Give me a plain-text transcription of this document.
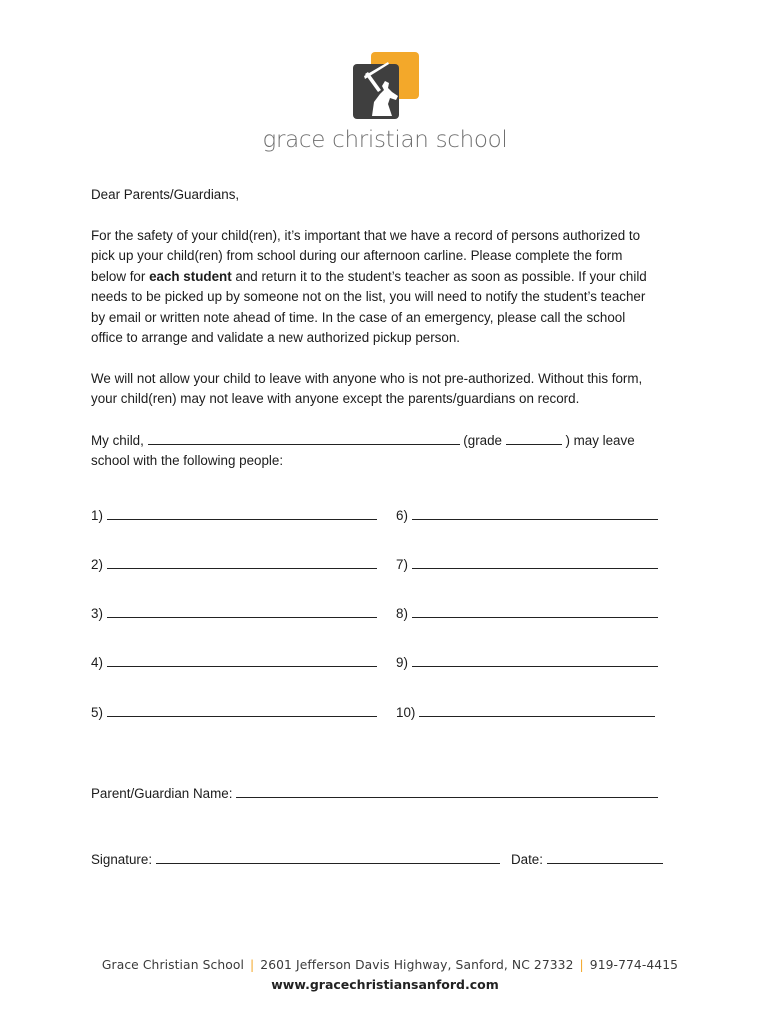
grace christian school
Dear Parents/Guardians,

For the safety of your child(ren), it’s important that we have a record of persons authorized to

pick up your child(ren) from school during our afternoon carline. Please complete the form

below for each student and return it to the student’s teacher as soon as possible. If your child

needs to be picked up by someone not on the list, you will need to notify the student’s teacher

by email or written note ahead of time. In the case of an emergency, please call the school

office to arrange and validate a new authorized pickup person.

We will not allow your child to leave with anyone who is not pre-authorized. Without this form,

your child(ren) may not leave with anyone except the parents/guardians on record.

My child,	(grade	) may leave

school with the following people:

1)
2)
3)
4)
5)
6)
7)
8)
9)
10)
Parent/Guardian Name:
Signature:	Date:
Grace Christian School | 2601 Jefferson Davis Highway, Sanford, NC 27332 | 919-774-4415
www.gracechristiansanford.com
